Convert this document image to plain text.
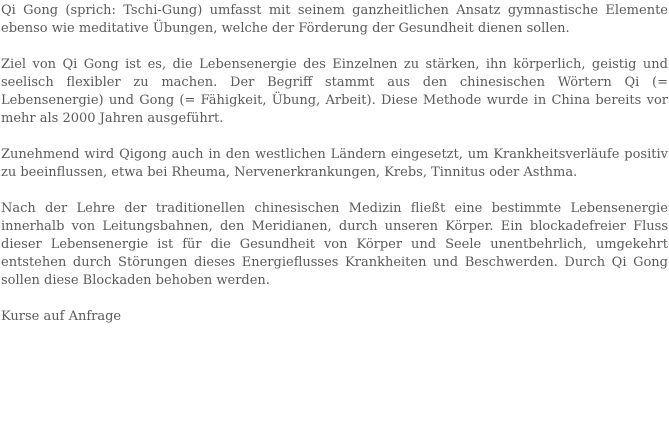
Qi Gong (sprich: Tschi-Gung) umfasst mit seinem ganzheitlichen Ansatz gymnastische Elemente ebenso wie meditative Übungen, welche der Förderung der Gesundheit dienen sollen.

Ziel von Qi Gong ist es, die Lebensenergie des Einzelnen zu stärken, ihn körperlich, geistig und seelisch flexibler zu machen. Der Begriff stammt aus den chinesischen Wörtern Qi (= Lebensenergie) und Gong (= Fähigkeit, Übung, Arbeit). Diese Methode wurde in China bereits vor mehr als 2000 Jahren ausgeführt.

Zunehmend wird Qigong auch in den westlichen Ländern eingesetzt, um Krankheitsverläufe positiv zu beeinflussen, etwa bei Rheuma, Nervenerkrankungen, Krebs, Tinnitus oder Asthma.

Nach der Lehre der traditionellen chinesischen Medizin fließt eine bestimmte Lebensenergie innerhalb von Leitungsbahnen, den Meridianen, durch unseren Körper. Ein blockadefreier Fluss dieser Lebensenergie ist für die Gesundheit von Körper und Seele unentbehrlich, umgekehrt entstehen durch Störungen dieses Energieflusses Krankheiten und Beschwerden. Durch Qi Gong sollen diese Blockaden behoben werden.

Kurse auf Anfrage
